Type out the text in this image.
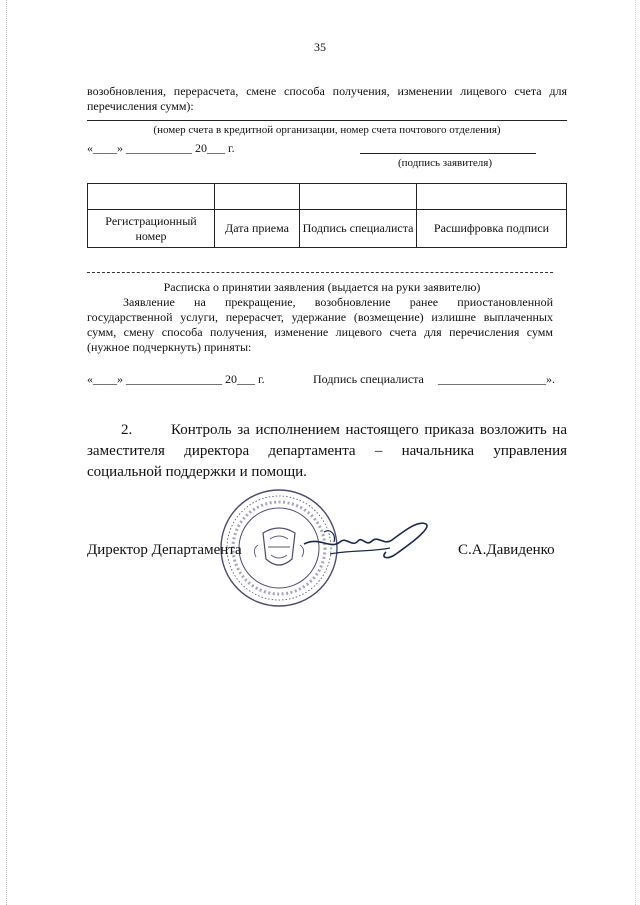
35
возобновления, перерасчета, смене способа получения, изменении лицевого счета для перечисления сумм):
(номер счета в кредитной организации, номер счета почтового отделения)
«____» ___________ 20___ г.
(подпись заявителя)

Регистрационный номер	Дата приема	Подпись специалиста	Расшифровка подписи
Расписка о принятии заявления (выдается на руки заявителю)
Заявление на прекращение, возобновление ранее приостановленной государственной услуги, перерасчет, удержание (возмещение) излишне выплаченных сумм, смену способа получения, изменение лицевого счета для перечисления сумм (нужное подчеркнуть) приняты:
«____» ________________ 20___ г.	Подпись специалиста	__________________».
2.	Контроль за исполнением настоящего приказа возложить на заместителя директора департамента – начальника управления социальной поддержки и помощи.
Директор Департамента	С.А.Давиденко
